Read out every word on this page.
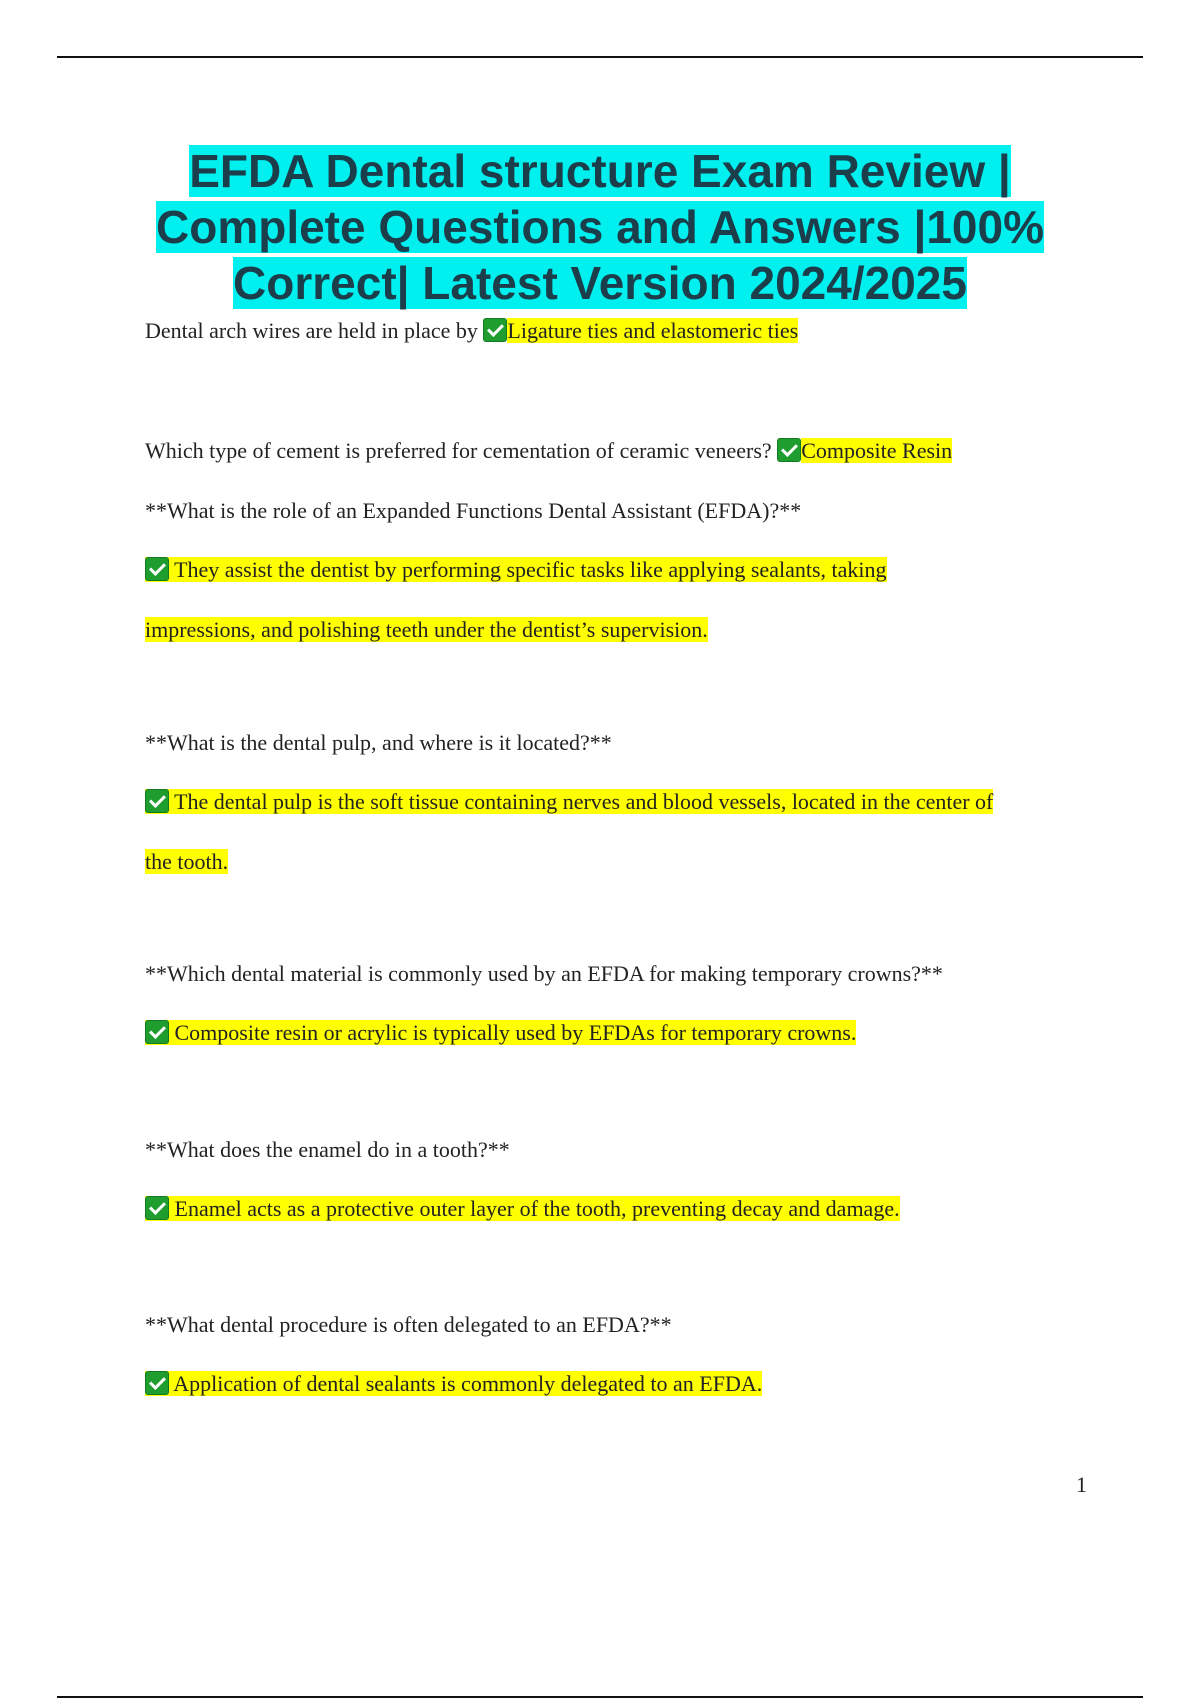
EFDA Dental structure Exam Review |
Complete Questions and Answers |100%
Correct| Latest Version 2024/2025

Dental arch wires are held in place by Ligature ties and elastomeric ties

Which type of cement is preferred for cementation of ceramic veneers? Composite Resin

**What is the role of an Expanded Functions Dental Assistant (EFDA)?**

They assist the dentist by performing specific tasks like applying sealants, taking

impressions, and polishing teeth under the dentist’s supervision.

**What is the dental pulp, and where is it located?**

The dental pulp is the soft tissue containing nerves and blood vessels, located in the center of

the tooth.

**Which dental material is commonly used by an EFDA for making temporary crowns?**

Composite resin or acrylic is typically used by EFDAs for temporary crowns.

**What does the enamel do in a tooth?**

Enamel acts as a protective outer layer of the tooth, preventing decay and damage.

**What dental procedure is often delegated to an EFDA?**

Application of dental sealants is commonly delegated to an EFDA.

1
